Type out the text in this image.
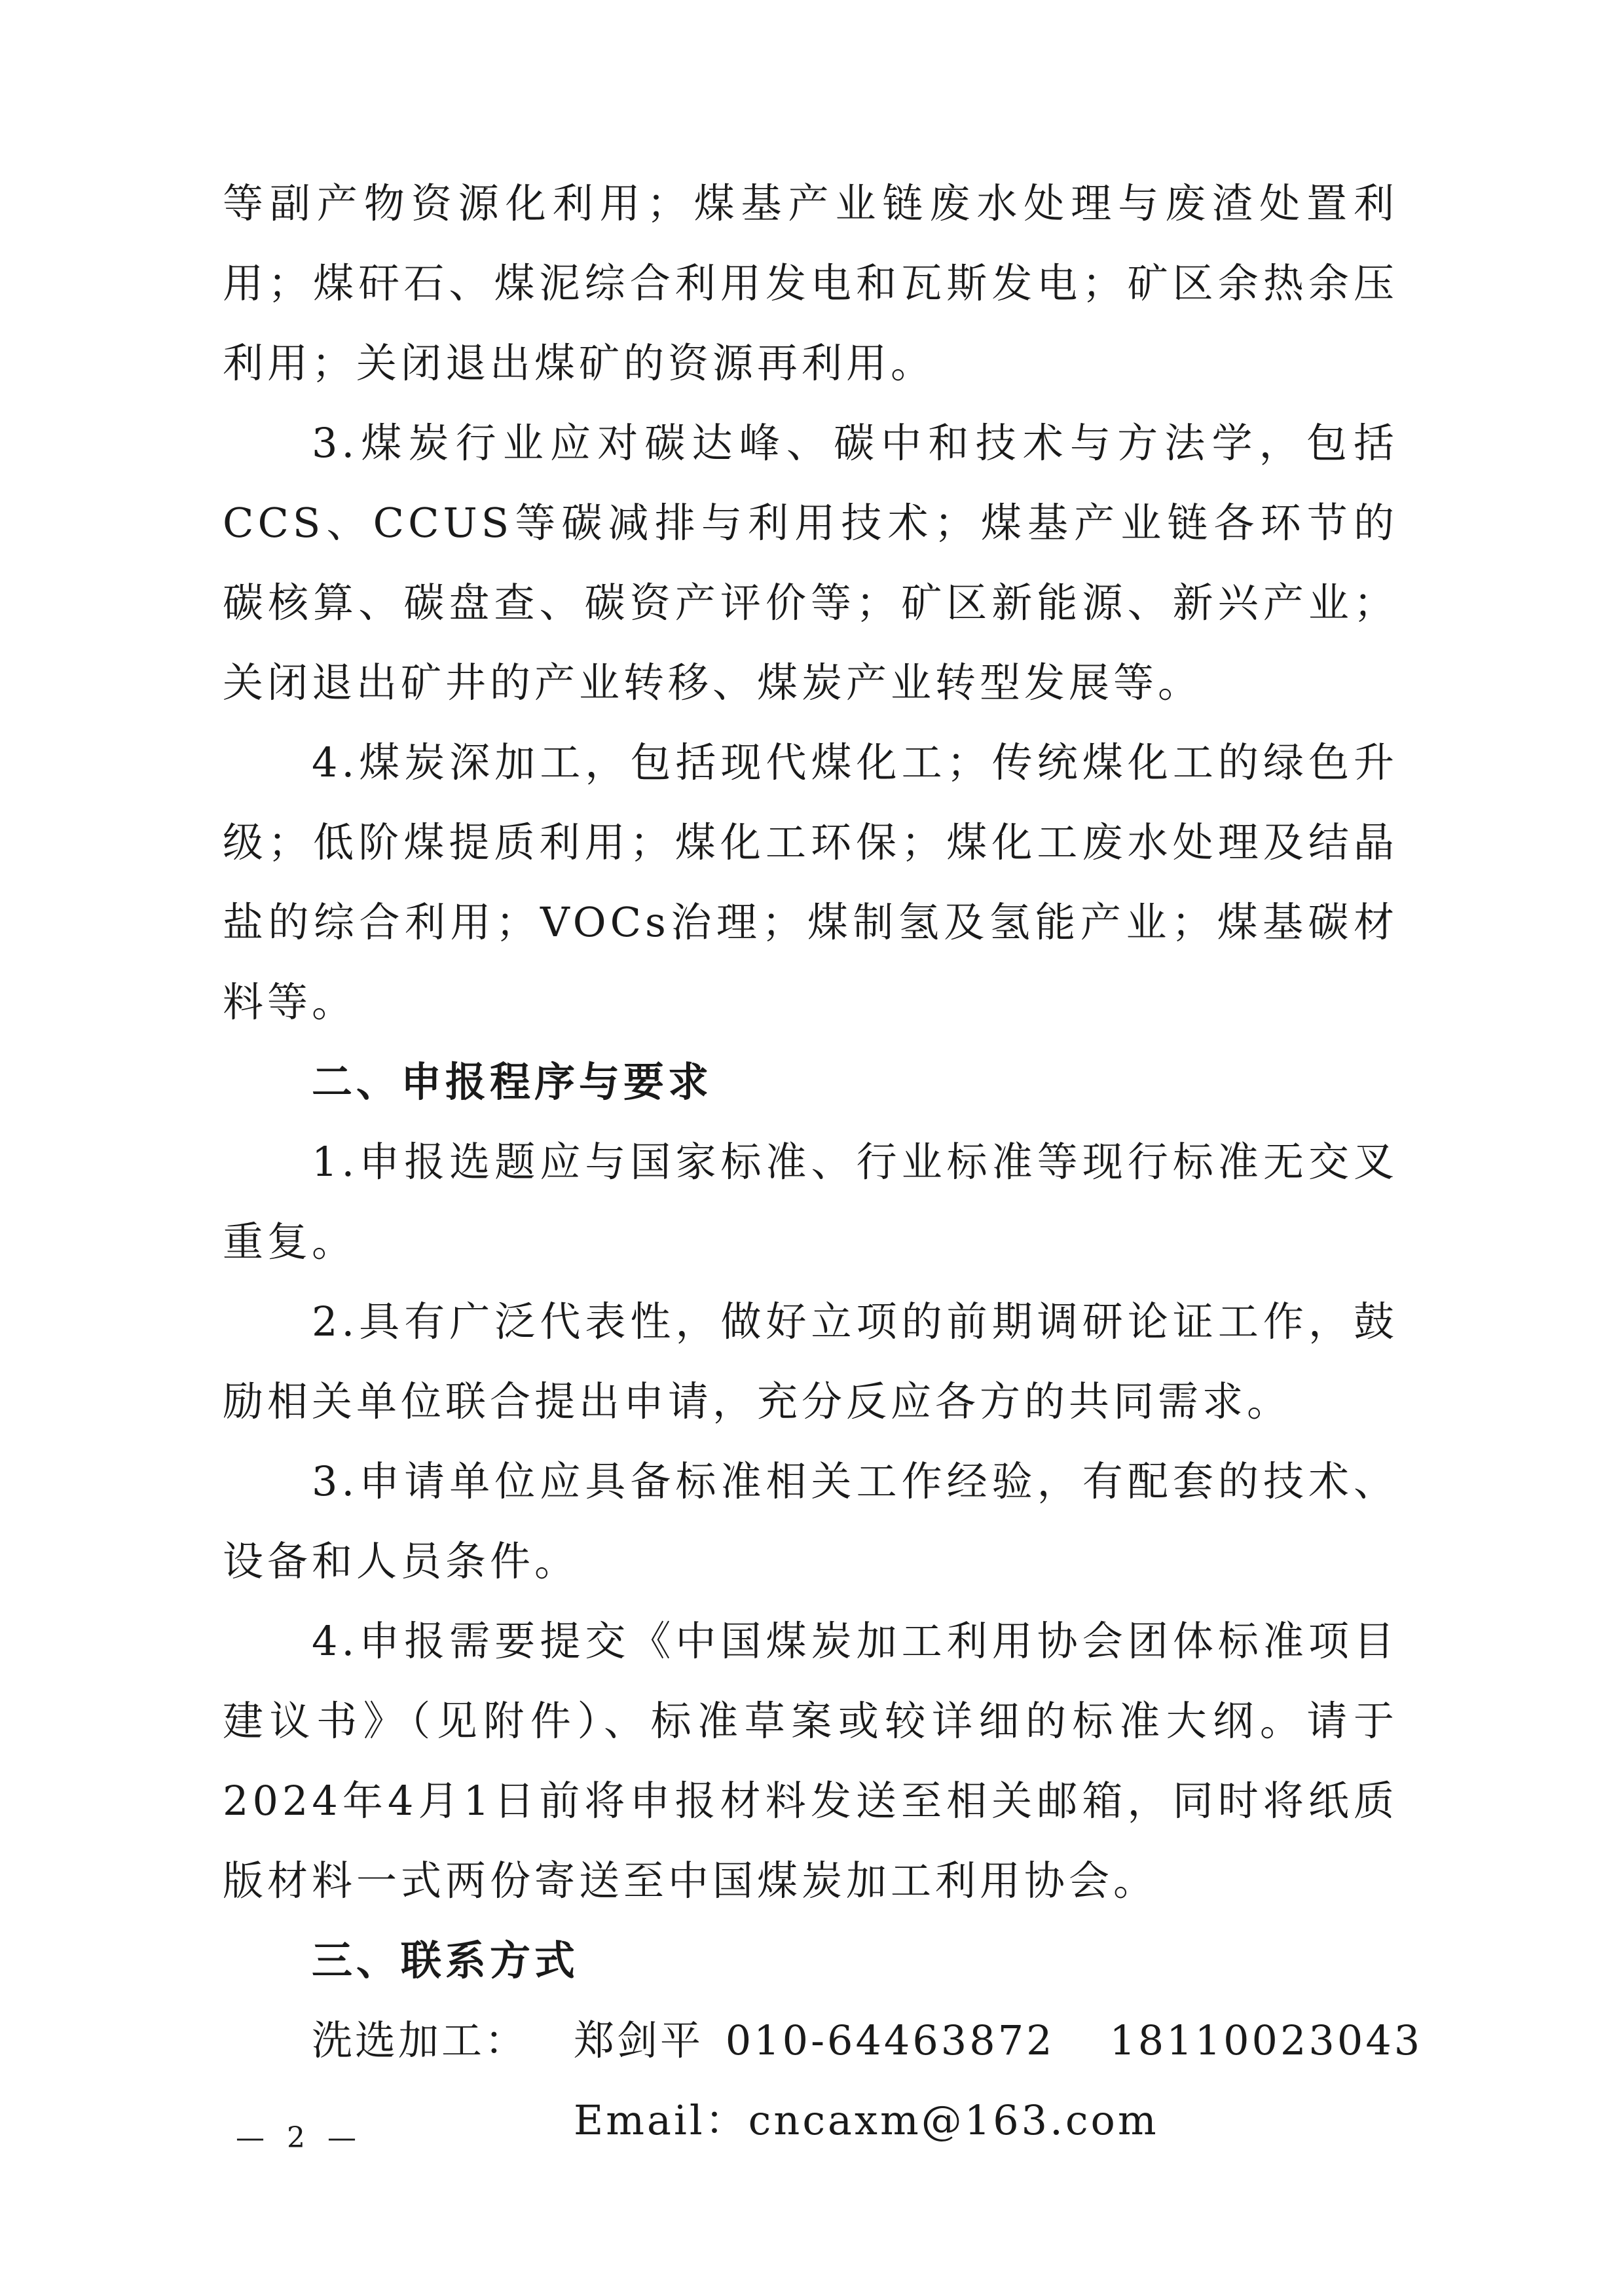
等副产物资源化利用；煤基产业链废水处理与废渣处置利用；煤矸石、煤泥综合利用发电和瓦斯发电；矿区余热余压利用；关闭退出煤矿的资源再利用。

3.煤炭行业应对碳达峰、碳中和技术与方法学，包括CCS、CCUS等碳减排与利用技术；煤基产业链各环节的碳核算、碳盘查、碳资产评价等；矿区新能源、新兴产业；关闭退出矿井的产业转移、煤炭产业转型发展等。

4.煤炭深加工，包括现代煤化工；传统煤化工的绿色升级；低阶煤提质利用；煤化工环保；煤化工废水处理及结晶盐的综合利用；VOCs治理；煤制氢及氢能产业；煤基碳材料等。

二、申报程序与要求

1.申报选题应与国家标准、行业标准等现行标准无交叉重复。

2.具有广泛代表性，做好立项的前期调研论证工作，鼓励相关单位联合提出申请，充分反应各方的共同需求。

3.申请单位应具备标准相关工作经验，有配套的技术、设备和人员条件。

4.申报需要提交《中国煤炭加工利用协会团体标准项目建议书》（见附件）、标准草案或较详细的标准大纲。请于2024年4月1日前将申报材料发送至相关邮箱，同时将纸质版材料一式两份寄送至中国煤炭加工利用协会。

三、联系方式

洗选加工： 郑剑平 010-64463872 18110023043

Email：cncaxm@163.com

— 2 —
